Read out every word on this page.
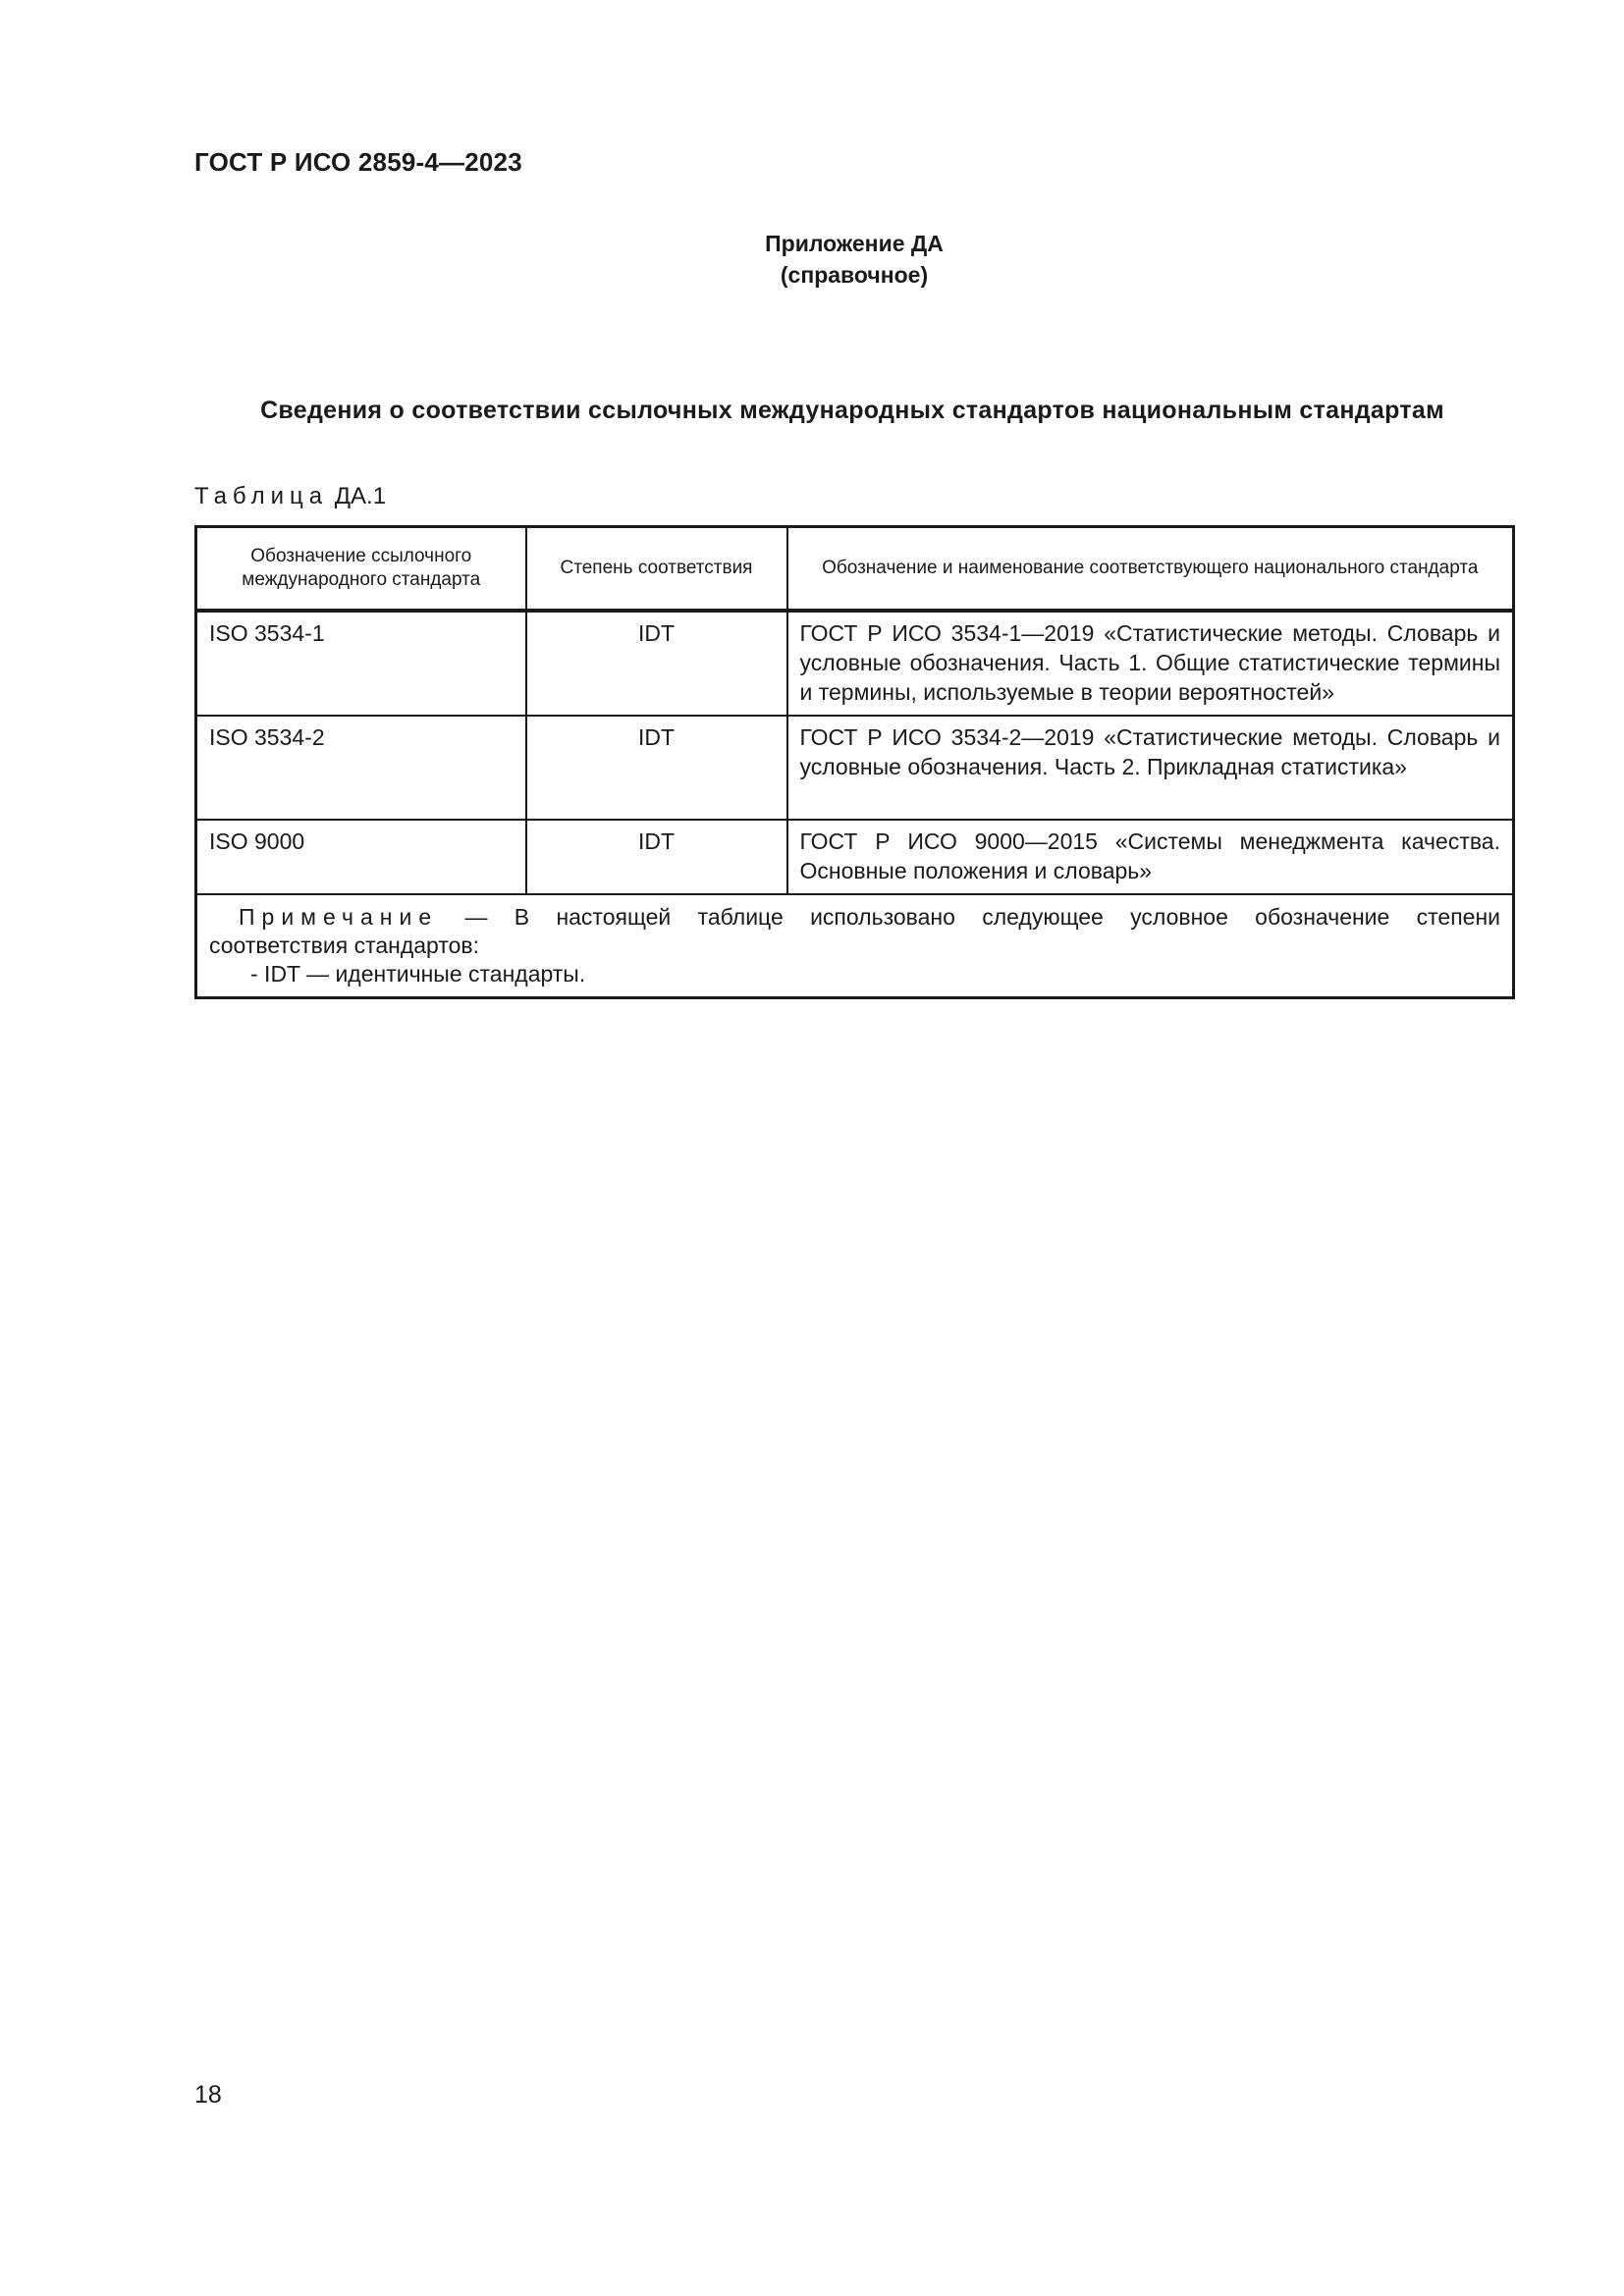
ГОСТ Р ИСО 2859-4—2023
Приложение ДА
(справочное)
Сведения о соответствии ссылочных международных стандартов национальным стандартам
Таблица ДА.1
Обозначение ссылочного международного стандарта	Степень соответствия	Обозначение и наименование соответствующего национального стандарта
ISO 3534-1	IDT	ГОСТ Р ИСО 3534-1—2019 «Статистические методы. Словарь и условные обозначения. Часть 1. Общие статистические термины и термины, используемые в теории вероятностей»
ISO 3534-2	IDT	ГОСТ Р ИСО 3534-2—2019 «Статистические методы. Словарь и условные обозначения. Часть 2. Прикладная статистика»
ISO 9000	IDT	ГОСТ Р ИСО 9000—2015 «Системы менеджмента качества. Основные положения и словарь»

Примечание — В настоящей таблице использовано следующее условное обозначение степени
соответствия стандартов:
- IDT — идентичные стандарты.		
18
